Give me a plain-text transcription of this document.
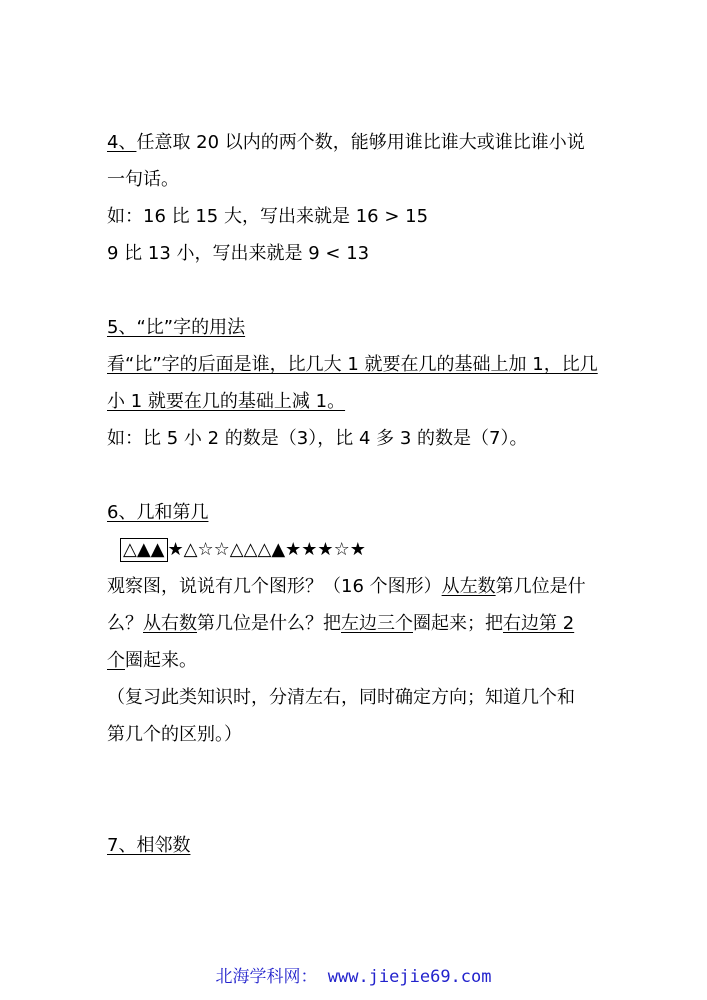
4、任意取 20 以内的两个数，能够用谁比谁大或谁比谁小说
一句话。
如：16 比 15 大，写出来就是 16 > 15
9 比 13 小，写出来就是 9 < 13
5、“比”字的用法
看“比”字的后面是谁，比几大 1 就要在几的基础上加 1，比几
小 1 就要在几的基础上减 1。
如：比 5 小 2 的数是（3），比 4 多 3 的数是（7）。
6、几和第几
△▲▲ ★△☆☆△△△▲★★★☆★
观察图，说说有几个图形？（16 个图形）从左数第几位是什
么？从右数第几位是什么？把左边三个圈起来；把右边第 2
个圈起来。
（复习此类知识时，分清左右，同时确定方向；知道几个和
第几个的区别。）
7、相邻数
北海学科网： www.jiejie69.com
